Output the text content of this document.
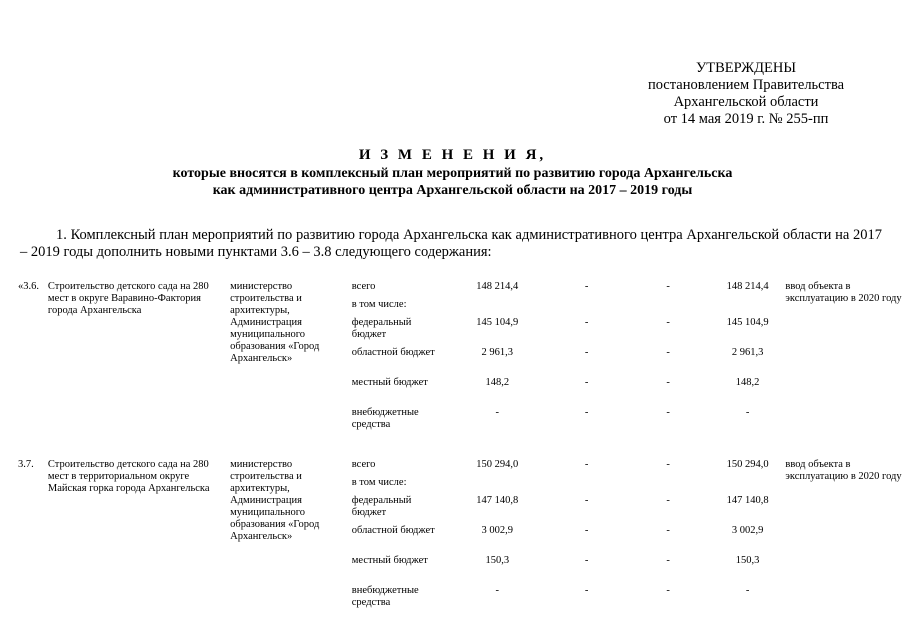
УТВЕРЖДЕНЫ
постановлением Правительства
Архангельской области
от 14 мая 2019 г. № 255-пп
И З М Е Н Е Н И Я,
которые вносятся в комплексный план мероприятий по развитию города Архангельска
как административного центра Архангельской области на 2017 – 2019 годы
1. Комплексный план мероприятий по развитию города Архангельска как административного центра Архангельской области на 2017 – 2019 годы дополнить новыми пунктами 3.6 – 3.8 следующего содержания:
«3.6.	Строительство детского сада на 280 мест в округе Варавино-Фактория города Архангельска	министерство строительства и архитектуры, Администрация муниципального образования «Город Архангельск»	всего	148 214,4	-	-	148 214,4	ввод объекта в эксплуатацию в 2020 году
			в том числе:					
			федеральный бюджет	145 104,9	-	-	145 104,9	
			областной бюджет	2 961,3	-	-	2 961,3	
			местный бюджет	148,2	-	-	148,2	
			внебюджетные средства	-	-	-	-	

3.7.	Строительство детского сада на 280 мест в территориальном округе Майская горка города Архангельска	министерство строительства и архитектуры, Администрация муниципального образования «Город Архангельск»	всего	150 294,0	-	-	150 294,0	ввод объекта в эксплуатацию в 2020 году
			в том числе:					
			федеральный бюджет	147 140,8	-	-	147 140,8	
			областной бюджет	3 002,9	-	-	3 002,9	
			местный бюджет	150,3	-	-	150,3	
			внебюджетные средства	-	-	-	-	
